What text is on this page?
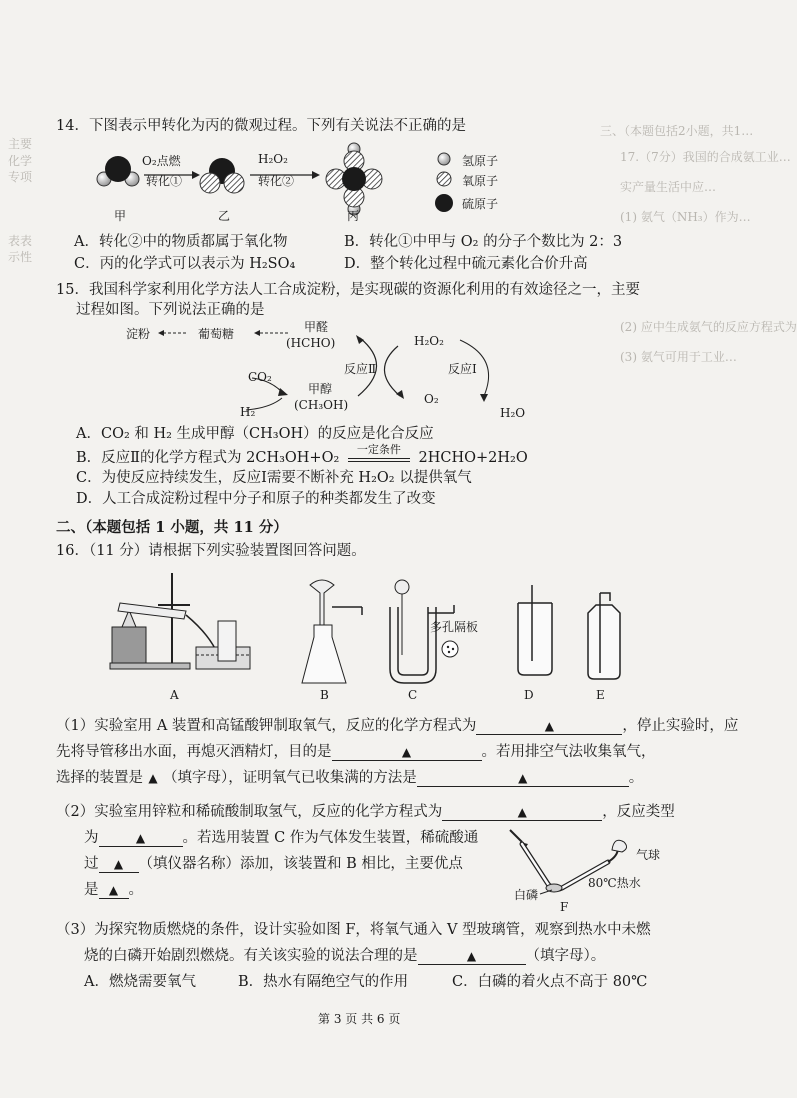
主要
化学
专项
表表
示性
三、（本题包括2小题，共1…
17.（7分）我国的合成氨工业…
实产量生活中应…
(1) 氨气（NH₃）作为…
(2) 应中生成氨气的反应方程式为
(3) 氨气可用于工业…
14．下图表示甲转化为丙的微观过程。下列有关说法不正确的是
O₂点燃
转化①
H₂O₂
转化②
甲	乙	丙
氢原子
氧原子
硫原子
A．转化②中的物质都属于氧化物	B．转化①中甲与 O₂ 的分子个数比为 2：3
C．丙的化学式可以表示为 H₂SO₄	D．整个转化过程中硫元素化合价升高
15．我国科学家利用化学方法人工合成淀粉，是实现碳的资源化利用的有效途径之一，主要
过程如图。下列说法正确的是
淀粉	葡萄糖	甲醛
(HCHO)
反应Ⅱ
CO₂
甲醇
(CH₃OH)
H₂
H₂O₂
反应Ⅰ
O₂
H₂O
A．CO₂ 和 H₂ 生成甲醇（CH₃OH）的反应是化合反应
B．反应Ⅱ的化学方程式为 2CH₃OH+O₂
一定条件
2HCHO+2H₂O
C．为使反应持续发生，反应Ⅰ需要不断补充 H₂O₂ 以提供氧气
D．人工合成淀粉过程中分子和原子的种类都发生了改变
二、（本题包括 1 小题，共 11 分）
16．（11 分）请根据下列实验装置图回答问题。
多孔隔板
A	B	C	D	E
（1）实验室用 A 装置和高锰酸钾制取氧气，反应的化学方程式为	▲	，停止实验时，应
先将导管移出水面，再熄灭酒精灯，目的是	▲	。若用排空气法收集氧气，
选择的装置是 ▲ （填字母），证明氧气已收集满的方法是	▲	。
（2）实验室用锌粒和稀硫酸制取氢气，反应的化学方程式为	▲	，反应类型
为	▲	。若选用装置 C 作为气体发生装置，稀硫酸通
过 ▲ （填仪器名称）添加，该装置和 B 相比，主要优点
是 ▲ 。
气球
80℃热水
白磷
F
（3）为探究物质燃烧的条件，设计实验如图 F，将氧气通入 V 型玻璃管，观察到热水中未燃
烧的白磷开始剧烈燃烧。有关该实验的说法合理的是	▲	（填字母）。
A．燃烧需要氧气	B．热水有隔绝空气的作用	C．白磷的着火点不高于 80℃
第 3 页 共 6 页
